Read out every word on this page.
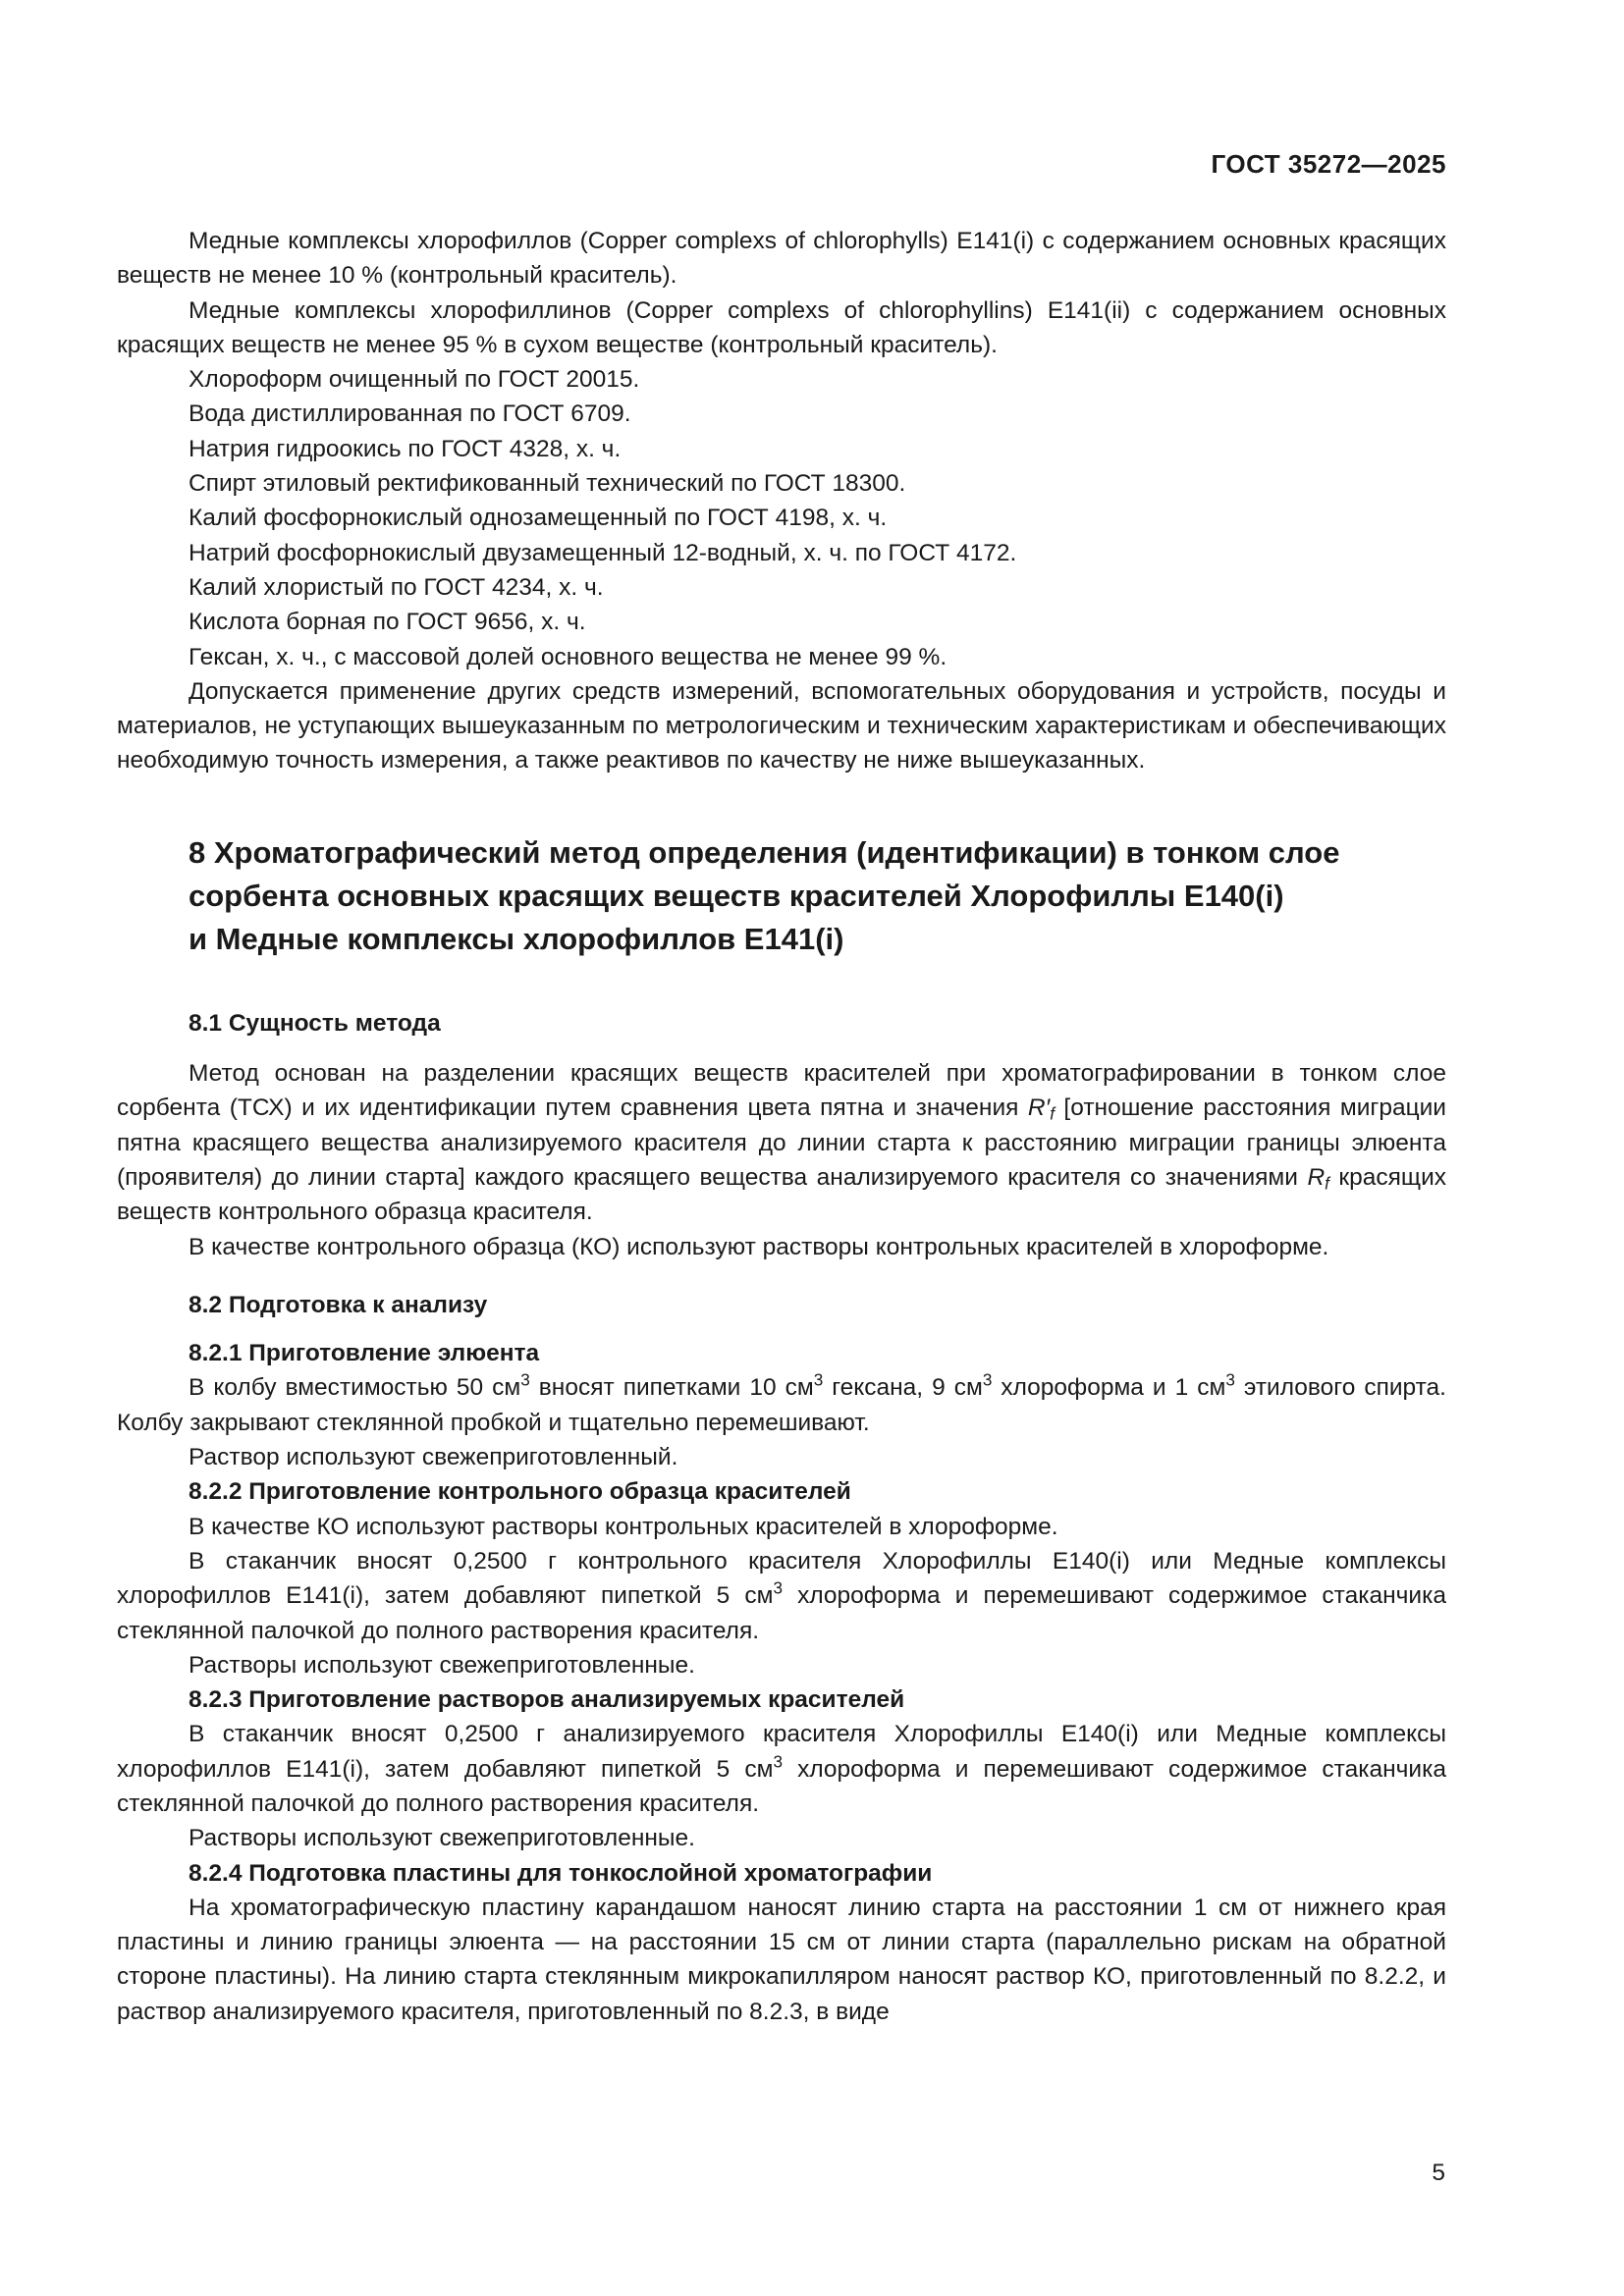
ГОСТ 35272—2025

Медные комплексы хлорофиллов (Copper complexs of chlorophylls) Е141(i) с содержанием основных красящих веществ не менее 10 % (контрольный краситель).

Медные комплексы хлорофиллинов (Copper complexs of chlorophyllins) Е141(ii) с содержанием основных красящих веществ не менее 95 % в сухом веществе (контрольный краситель).

Хлороформ очищенный по ГОСТ 20015.

Вода дистиллированная по ГОСТ 6709.

Натрия гидроокись по ГОСТ 4328, х. ч.

Спирт этиловый ректификованный технический по ГОСТ 18300.

Калий фосфорнокислый однозамещенный по ГОСТ 4198, х. ч.

Натрий фосфорнокислый двузамещенный 12-водный, х. ч. по ГОСТ 4172.

Калий хлористый по ГОСТ 4234, х. ч.

Кислота борная по ГОСТ 9656, х. ч.

Гексан, х. ч., с массовой долей основного вещества не менее 99 %.

Допускается применение других средств измерений, вспомогательных оборудования и устройств, посуды и материалов, не уступающих вышеуказанным по метрологическим и техническим характеристикам и обеспечивающих необходимую точность измерения, а также реактивов по качеству не ниже вышеуказанных.

8 Хроматографический метод определения (идентификации) в тонком слое
сорбента основных красящих веществ красителей Хлорофиллы Е140(i)
и Медные комплексы хлорофиллов Е141(i)
8.1 Сущность метода

Метод основан на разделении красящих веществ красителей при хроматографировании в тонком слое сорбента (ТСХ) и их идентификации путем сравнения цвета пятна и значения $R'_f$ [отношение расстояния миграции пятна красящего вещества анализируемого красителя до линии старта к расстоянию миграции границы элюента (проявителя) до линии старта] каждого красящего вещества анализируемого красителя со значениями $R_f$ красящих веществ контрольного образца красителя.

В качестве контрольного образца (КО) используют растворы контрольных красителей в хлороформе.

8.2 Подготовка к анализу
8.2.1 Приготовление элюента

В колбу вместимостью 50 $см^3$ вносят пипетками 10 $см^3$ гексана, 9 $см^3$ хлороформа и 1 $см^3$ этилового спирта. Колбу закрывают стеклянной пробкой и тщательно перемешивают.

Раствор используют свежеприготовленный.

8.2.2 Приготовление контрольного образца красителей

В качестве КО используют растворы контрольных красителей в хлороформе.

В стаканчик вносят 0,2500 г контрольного красителя Хлорофиллы Е140(i) или Медные комплексы хлорофиллов Е141(i), затем добавляют пипеткой 5 $см^3$ хлороформа и перемешивают содержимое стаканчика стеклянной палочкой до полного растворения красителя.

Растворы используют свежеприготовленные.

8.2.3 Приготовление растворов анализируемых красителей

В стаканчик вносят 0,2500 г анализируемого красителя Хлорофиллы Е140(i) или Медные комплексы хлорофиллов Е141(i), затем добавляют пипеткой 5 $см^3$ хлороформа и перемешивают содержимое стаканчика стеклянной палочкой до полного растворения красителя.

Растворы используют свежеприготовленные.

8.2.4 Подготовка пластины для тонкослойной хроматографии

На хроматографическую пластину карандашом наносят линию старта на расстоянии 1 см от нижнего края пластины и линию границы элюента — на расстоянии 15 см от линии старта (параллельно рискам на обратной стороне пластины). На линию старта стеклянным микрокапилляром наносят раствор КО, приготовленный по 8.2.2, и раствор анализируемого красителя, приготовленный по 8.2.3, в виде

5
